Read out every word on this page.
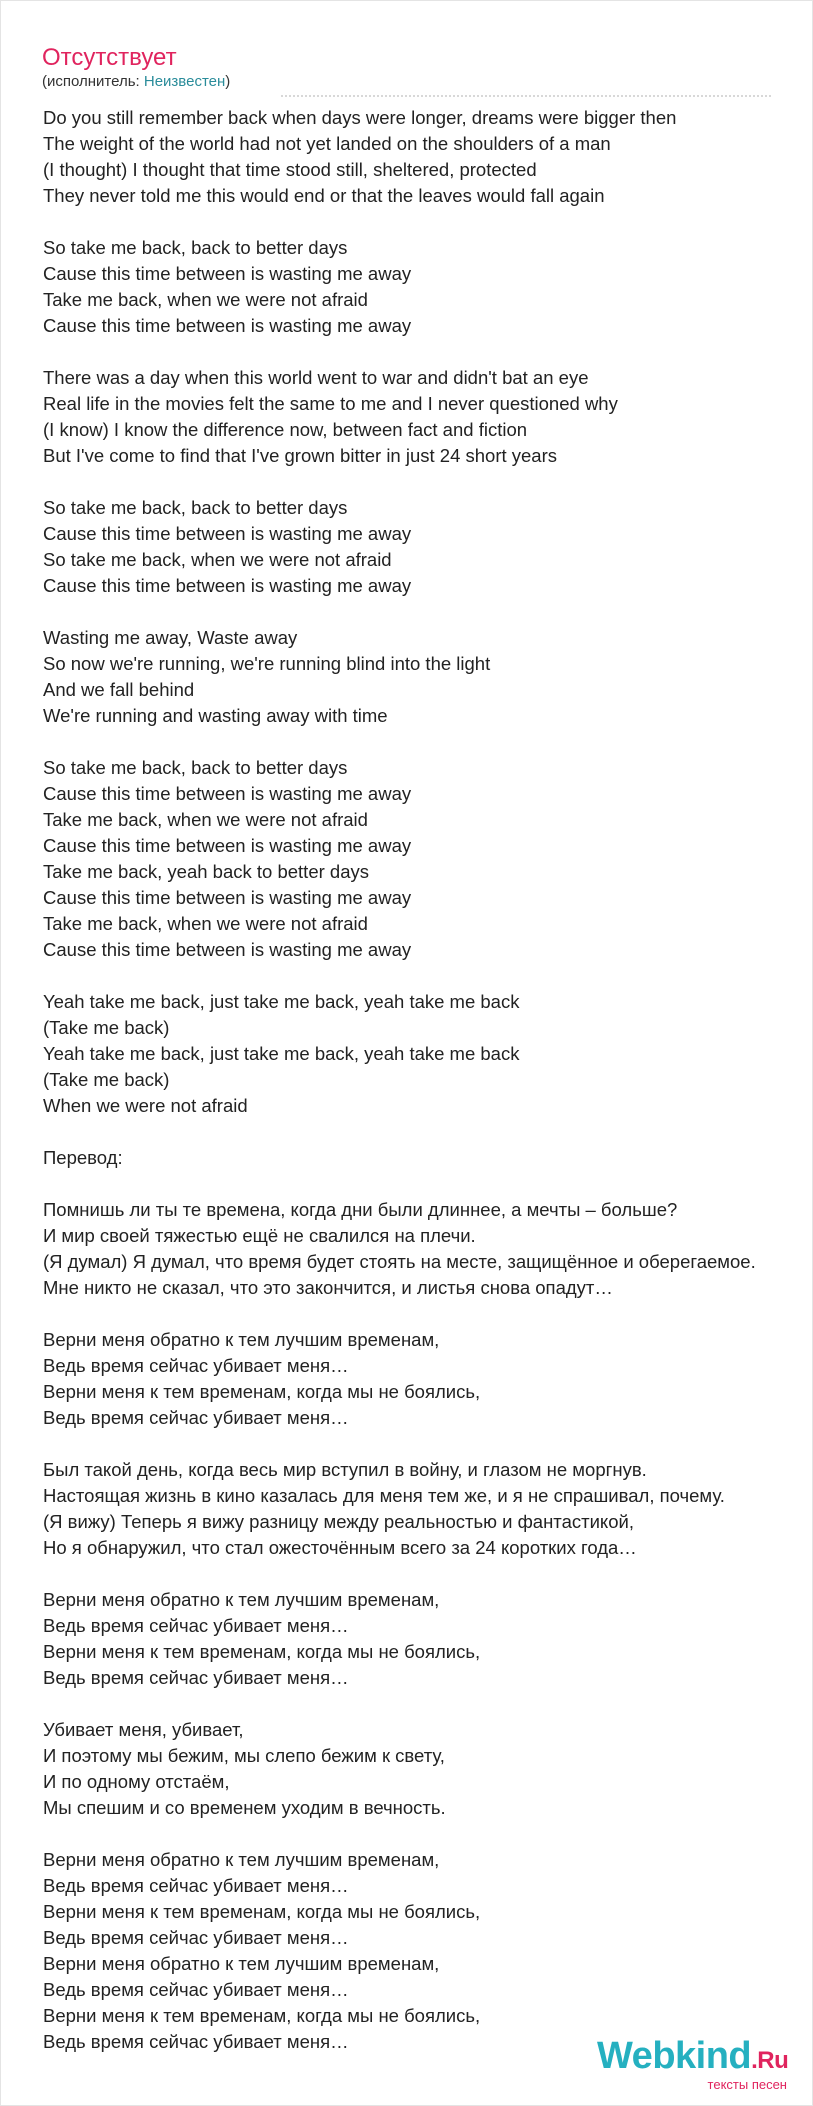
Отсутствует
(исполнитель: Неизвестен)
Do you still remember back when days were longer, dreams were bigger then
The weight of the world had not yet landed on the shoulders of a man
(I thought) I thought that time stood still, sheltered, protected
They never told me this would end or that the leaves would fall again
So take me back, back to better days
Cause this time between is wasting me away
Take me back, when we were not afraid
Cause this time between is wasting me away
There was a day when this world went to war and didn't bat an eye
Real life in the movies felt the same to me and I never questioned why
(I know) I know the difference now, between fact and fiction
But I've come to find that I've grown bitter in just 24 short years
So take me back, back to better days
Cause this time between is wasting me away
So take me back, when we were not afraid
Cause this time between is wasting me away
Wasting me away, Waste away
So now we're running, we're running blind into the light
And we fall behind
We're running and wasting away with time
So take me back, back to better days
Cause this time between is wasting me away
Take me back, when we were not afraid
Cause this time between is wasting me away
Take me back, yeah back to better days
Cause this time between is wasting me away
Take me back, when we were not afraid
Cause this time between is wasting me away
Yeah take me back, just take me back, yeah take me back
(Take me back)
Yeah take me back, just take me back, yeah take me back
(Take me back)
When we were not afraid
Перевод:
Помнишь ли ты те времена, когда дни были длиннее, а мечты – больше?
И мир своей тяжестью ещё не свалился на плечи.
(Я думал) Я думал, что время будет стоять на месте, защищённое и оберегаемое.
Мне никто не сказал, что это закончится, и листья снова опадут…
Верни меня обратно к тем лучшим временам,
Ведь время сейчас убивает меня…
Верни меня к тем временам, когда мы не боялись,
Ведь время сейчас убивает меня…
Был такой день, когда весь мир вступил в войну, и глазом не моргнув.
Настоящая жизнь в кино казалась для меня тем же, и я не спрашивал, почему.
(Я вижу) Теперь я вижу разницу между реальностью и фантастикой,
Но я обнаружил, что стал ожесточённым всего за 24 коротких года…
Верни меня обратно к тем лучшим временам,
Ведь время сейчас убивает меня…
Верни меня к тем временам, когда мы не боялись,
Ведь время сейчас убивает меня…
Убивает меня, убивает,
И поэтому мы бежим, мы слепо бежим к свету,
И по одному отстаём,
Мы спешим и со временем уходим в вечность.
Верни меня обратно к тем лучшим временам,
Ведь время сейчас убивает меня…
Верни меня к тем временам, когда мы не боялись,
Ведь время сейчас убивает меня…
Верни меня обратно к тем лучшим временам,
Ведь время сейчас убивает меня…
Верни меня к тем временам, когда мы не боялись,
Ведь время сейчас убивает меня…	Webkind.Ru
тексты песен
